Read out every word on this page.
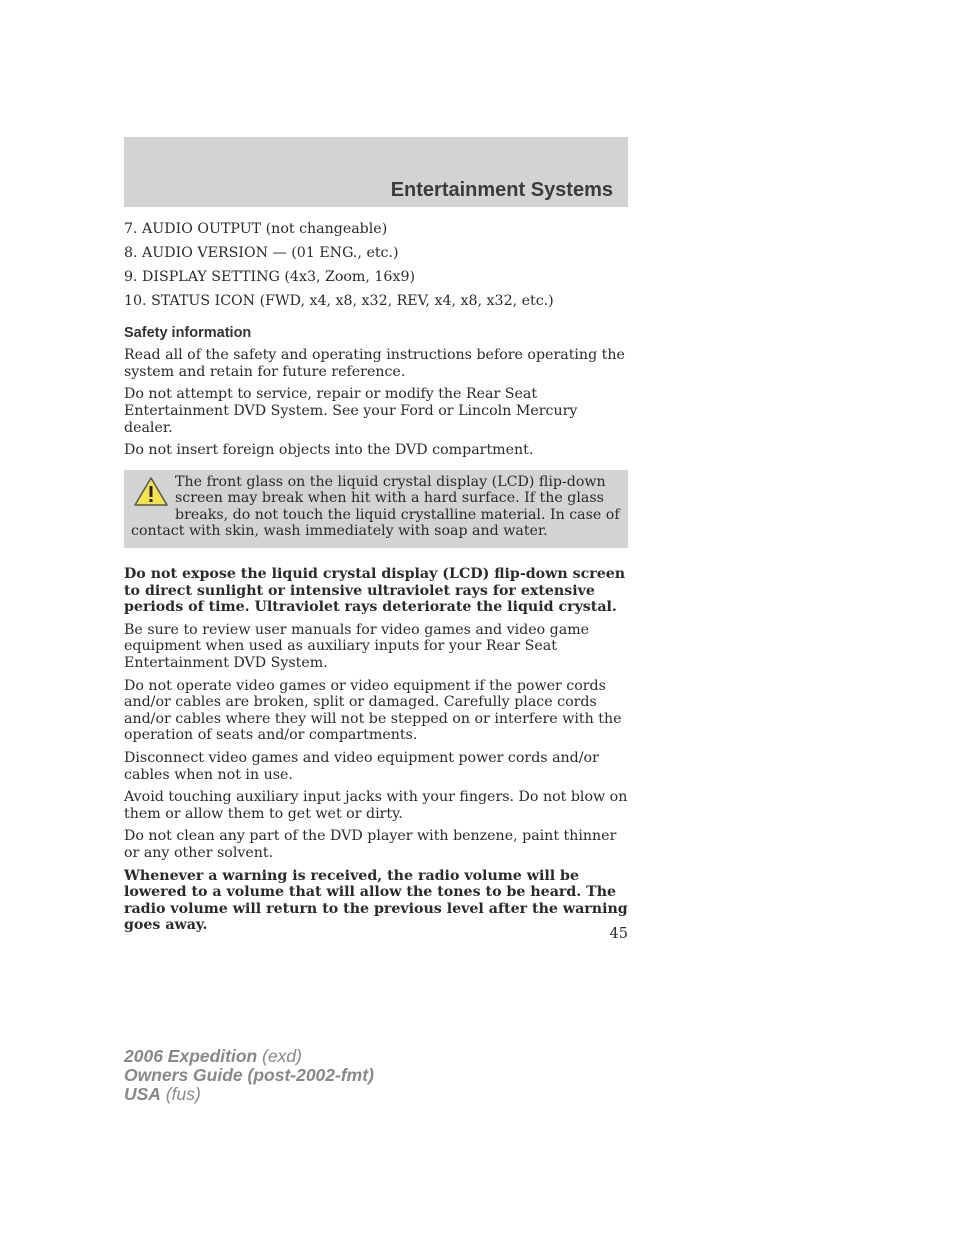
Entertainment Systems
7. AUDIO OUTPUT (not changeable)
8. AUDIO VERSION — (01 ENG., etc.)
9. DISPLAY SETTING (4x3, Zoom, 16x9)
10. STATUS ICON (FWD, x4, x8, x32, REV, x4, x8, x32, etc.)
Safety information

Read all of the safety and operating instructions before operating the system and retain for future reference.

Do not attempt to service, repair or modify the Rear Seat Entertainment DVD System. See your Ford or Lincoln Mercury dealer.

Do not insert foreign objects into the DVD compartment.

The front glass on the liquid crystal display (LCD) flip-down screen may break when hit with a hard surface. If the glass breaks, do not touch the liquid crystalline material. In case of contact with skin, wash immediately with soap and water.

Do not expose the liquid crystal display (LCD) flip-down screen to direct sunlight or intensive ultraviolet rays for extensive periods of time. Ultraviolet rays deteriorate the liquid crystal.

Be sure to review user manuals for video games and video game equipment when used as auxiliary inputs for your Rear Seat Entertainment DVD System.

Do not operate video games or video equipment if the power cords and/or cables are broken, split or damaged. Carefully place cords and/or cables where they will not be stepped on or interfere with the operation of seats and/or compartments.

Disconnect video games and video equipment power cords and/or cables when not in use.

Avoid touching auxiliary input jacks with your fingers. Do not blow on them or allow them to get wet or dirty.

Do not clean any part of the DVD player with benzene, paint thinner or any other solvent.

Whenever a warning is received, the radio volume will be lowered to a volume that will allow the tones to be heard. The radio volume will return to the previous level after the warning goes away.

45
2006 Expedition (exd)
Owners Guide (post-2002-fmt)
USA (fus)
